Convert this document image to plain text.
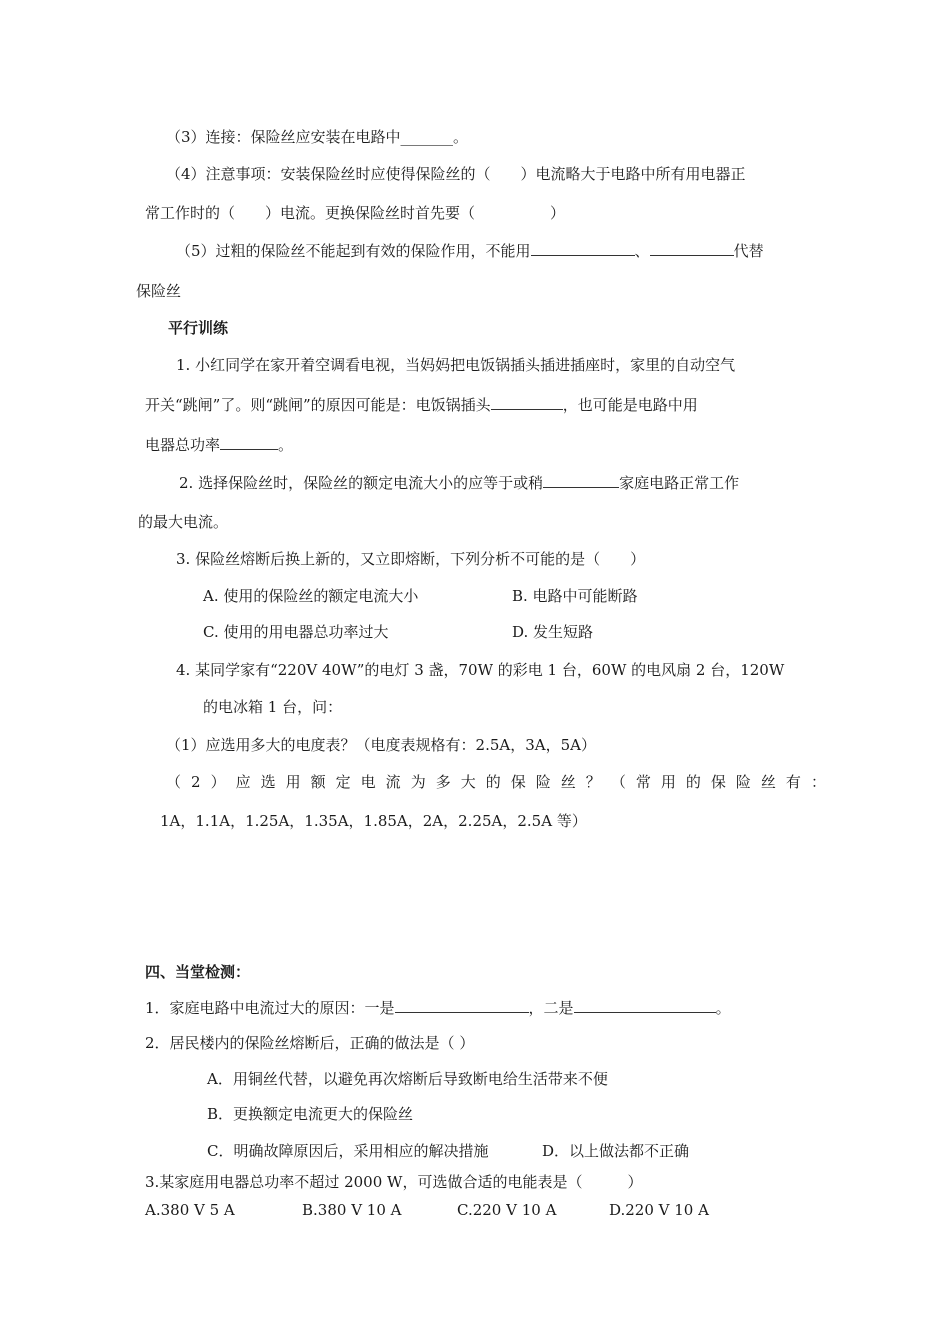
（3）连接：保险丝应安装在电路中_______。
（4）注意事项：安装保险丝时应使得保险丝的（　　）电流略大于电路中所有用电器正
常工作时的（　　）电流。更换保险丝时首先要（　　　　　）
（5）过粗的保险丝不能起到有效的保险作用，不能用	、	代替
保险丝
平行训练
1. 小红同学在家开着空调看电视，当妈妈把电饭锅插头插进插座时，家里的自动空气
开关“跳闸”了。则“跳闸”的原因可能是：电饭锅插头	，也可能是电路中用
电器总功率	。
2. 选择保险丝时，保险丝的额定电流大小的应等于或稍	家庭电路正常工作
的最大电流。
3. 保险丝熔断后换上新的，又立即熔断，下列分析不可能的是（　　）
A. 使用的保险丝的额定电流大小	B. 电路中可能断路
C. 使用的用电器总功率过大	D. 发生短路
4. 某同学家有“220V 40W”的电灯 3 盏，70W 的彩电 1 台，60W 的电风扇 2 台，120W
的电冰箱 1 台，问：
（1）应选用多大的电度表？（电度表规格有：2.5A，3A，5A）
（ 2 ） 应 选 用 额 定 电 流 为 多 大 的 保 险 丝 ？ （ 常 用 的 保 险 丝 有 ：
1A，1.1A，1.25A，1.35A，1.85A，2A，2.25A，2.5A 等）
四、当堂检测：
1．家庭电路中电流过大的原因：一是	，二是	。
2．居民楼内的保险丝熔断后，正确的做法是（ ）
A．用铜丝代替，以避免再次熔断后导致断电给生活带来不便
B．更换额定电流更大的保险丝
C．明确故障原因后，采用相应的解决措施	D．以上做法都不正确
3.某家庭用电器总功率不超过 2000 W，可选做合适的电能表是（　　　）
A.380 V 5 A	B.380 V 10 A	C.220 V 10 A	D.220 V 10 A
